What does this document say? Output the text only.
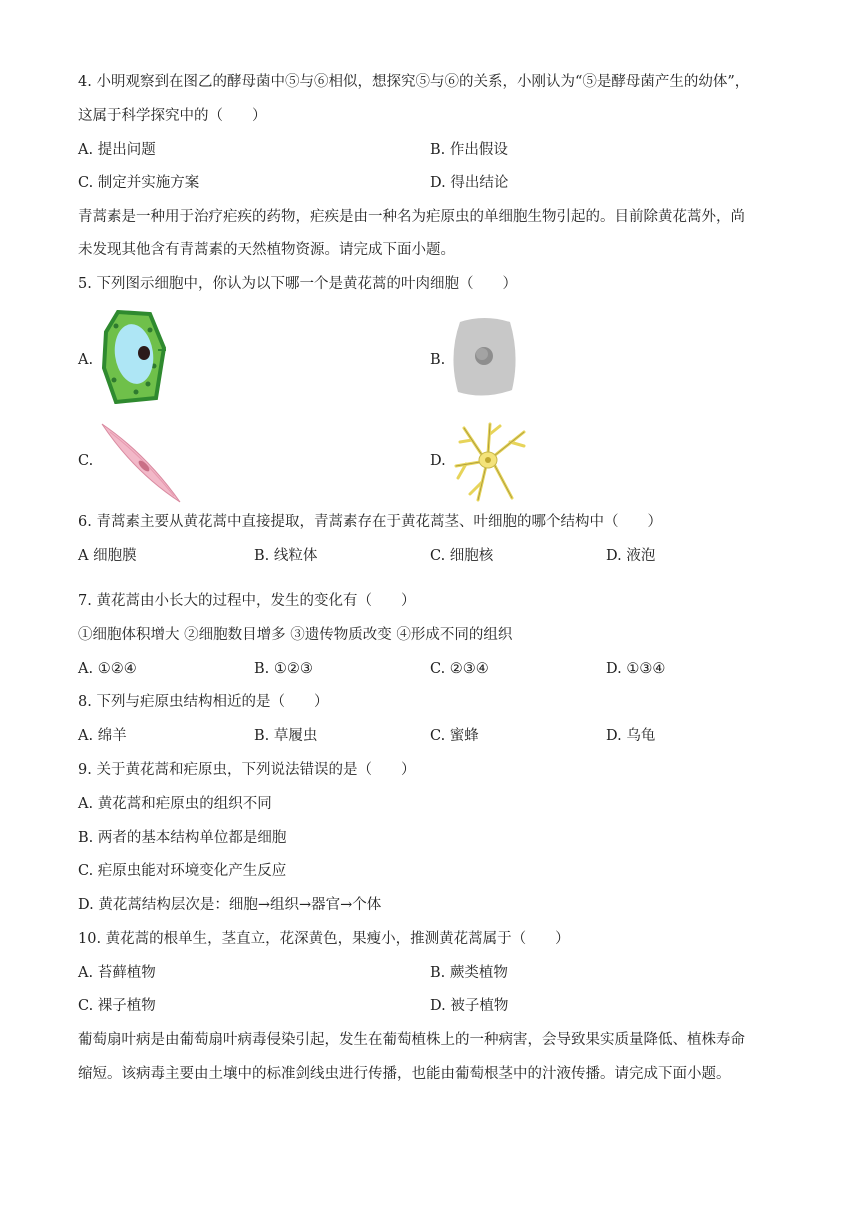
4. 小明观察到在图乙的酵母菌中⑤与⑥相似，想探究⑤与⑥的关系，小刚认为“⑤是酵母菌产生的幼体”，
这属于科学探究中的（　　）
A. 提出问题	B. 作出假设
C. 制定并实施方案	D. 得出结论
青蒿素是一种用于治疗疟疾的药物，疟疾是由一种名为疟原虫的单细胞生物引起的。目前除黄花蒿外，尚
未发现其他含有青蒿素的天然植物资源。请完成下面小题。
5. 下列图示细胞中，你认为以下哪一个是黄花蒿的叶肉细胞（　　）
A.	B.
C.	D.
6. 青蒿素主要从黄花蒿中直接提取，青蒿素存在于黄花蒿茎、叶细胞的哪个结构中（　　）
A 细胞膜	B. 线粒体	C. 细胞核	D. 液泡
7. 黄花蒿由小长大的过程中，发生的变化有（　　）
①细胞体积增大 ②细胞数目增多 ③遗传物质改变 ④形成不同的组织
A. ①②④	B. ①②③	C. ②③④	D. ①③④
8. 下列与疟原虫结构相近的是（　　）
A. 绵羊	B. 草履虫	C. 蜜蜂	D. 乌龟
9. 关于黄花蒿和疟原虫，下列说法错误的是（　　）
A. 黄花蒿和疟原虫的组织不同
B. 两者的基本结构单位都是细胞
C. 疟原虫能对环境变化产生反应
D. 黄花蒿结构层次是：细胞→组织→器官→个体
10. 黄花蒿的根单生，茎直立，花深黄色，果瘦小，推测黄花蒿属于（　　）
A. 苔藓植物	B. 蕨类植物
C. 裸子植物	D. 被子植物
葡萄扇叶病是由葡萄扇叶病毒侵染引起，发生在葡萄植株上的一种病害，会导致果实质量降低、植株寿命
缩短。该病毒主要由土壤中的标准剑线虫进行传播，也能由葡萄根茎中的汁液传播。请完成下面小题。
